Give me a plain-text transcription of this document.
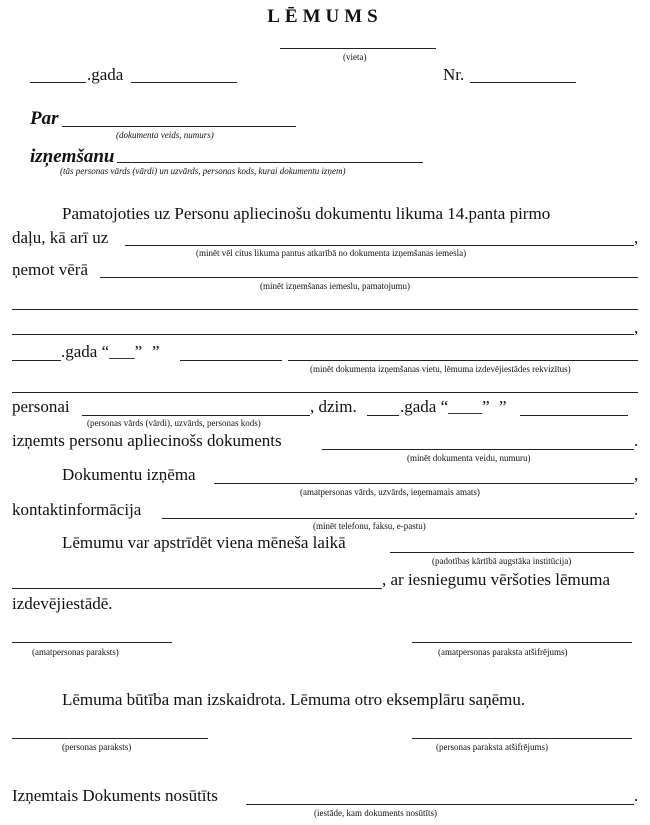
LĒMUMS
(vieta)
.gada	Nr.
Par
(dokumenta veids, numurs)
izņemšanu
(tās personas vārds (vārdi) un uzvārds, personas kods, kurai dokumentu izņem)
Pamatojoties uz Personu apliecinošu dokumentu likuma 14.panta pirmo
daļu, kā arī uz	,
(minēt vēl citus likuma pantus atkarībā no dokumenta izņemšanas iemesla)
ņemot vērā
(minēt izņemšanas iemeslu, pamatojumu)
,
.gada “___” ”
(minēt dokumenta izņemšanas vietu, lēmuma izdevējiestādes rekvizītus)
personai
(personas vārds (vārdi), uzvārds, personas kods)
, dzim.	.gada “____” ”
izņemts personu apliecinošs dokuments	.
(minēt dokumenta veidu, numuru)
Dokumentu izņēma	,
(amatpersonas vārds, uzvārds, ieņemamais amats)
kontaktinformācija	.
(minēt telefonu, faksu, e-pastu)
Lēmumu var apstrīdēt viena mēneša laikā
(padotības kārtībā augstāka institūcija)
, ar iesniegumu vēršoties lēmuma
izdevējiestādē.
(amatpersonas paraksts)	(amatpersonas paraksta atšifrējums)
Lēmuma būtība man izskaidrota. Lēmuma otro eksemplāru saņēmu.
(personas paraksts)	(personas paraksta atšifrējums)
Izņemtais Dokuments nosūtīts	.
(iestāde, kam dokuments nosūtīts)
